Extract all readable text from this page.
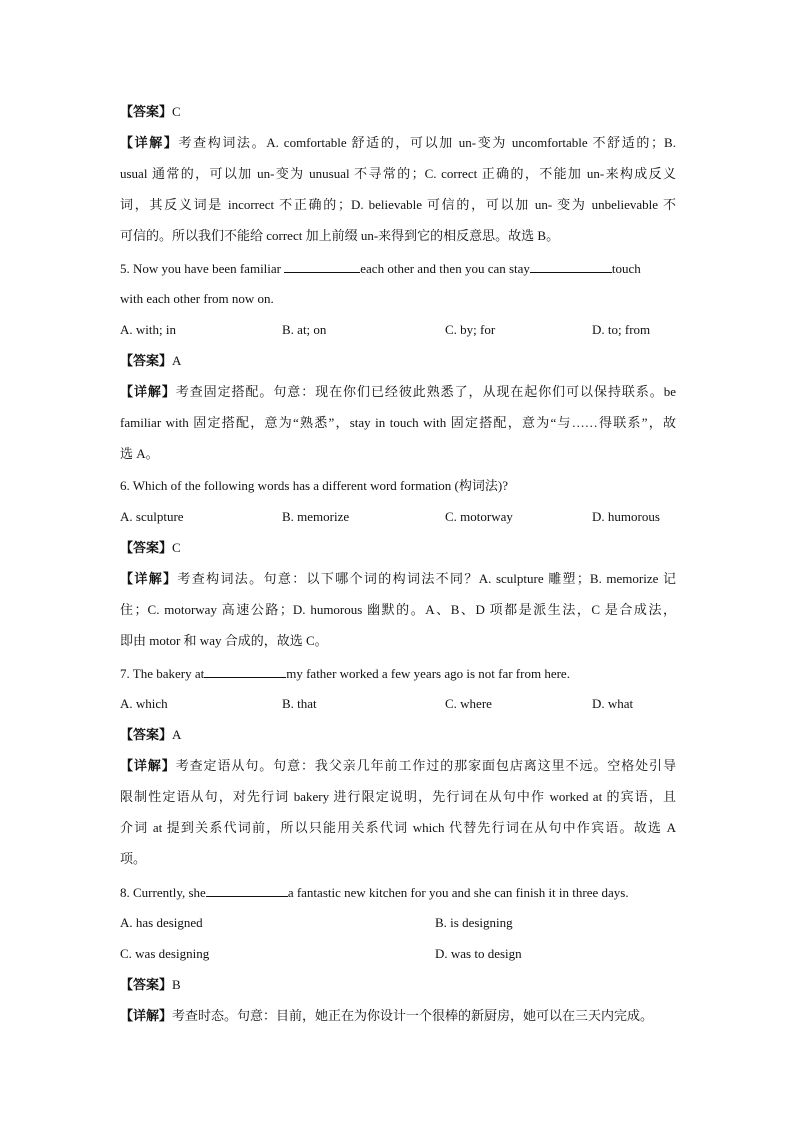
【答案】C
【详解】考查构词法。A. comfortable 舒适的，可以加 un-变为 uncomfortable 不舒适的；B.
usual 通常的，可以加 un-变为 unusual 不寻常的；C. correct 正确的，不能加 un-来构成反义
词，其反义词是 incorrect 不正确的；D. believable 可信的，可以加 un- 变为 unbelievable 不
可信的。所以我们不能给 correct 加上前缀 un-来得到它的相反意思。故选 B。
5. Now you have been familiar	each other and then you can stay	touch
with each other from now on.
A. with; in	B. at; on	C. by; for	D. to; from
【答案】A
【详解】考查固定搭配。句意：现在你们已经彼此熟悉了，从现在起你们可以保持联系。be
familiar with 固定搭配，意为“熟悉”，stay in touch with 固定搭配，意为“与……得联系”，故
选 A。
6. Which of the following words has a different word formation (构词法)?
A. sculpture	B. memorize	C. motorway	D. humorous
【答案】C
【详解】考查构词法。句意：以下哪个词的构词法不同？A. sculpture 雕塑；B. memorize 记
住；C. motorway 高速公路；D. humorous 幽默的。A、B、D 项都是派生法，C 是合成法，
即由 motor 和 way 合成的，故选 C。
7. The bakery at	my father worked a few years ago is not far from here.
A. which	B. that	C. where	D. what
【答案】A
【详解】考查定语从句。句意：我父亲几年前工作过的那家面包店离这里不远。空格处引导
限制性定语从句，对先行词 bakery 进行限定说明，先行词在从句中作 worked at 的宾语，且
介词 at 提到关系代词前，所以只能用关系代词 which 代替先行词在从句中作宾语。故选 A
项。
8. Currently, she	a fantastic new kitchen for you and she can finish it in three days.
A. has designed	B. is designing
C. was designing	D. was to design
【答案】B
【详解】考查时态。句意：目前，她正在为你设计一个很棒的新厨房，她可以在三天内完成。
